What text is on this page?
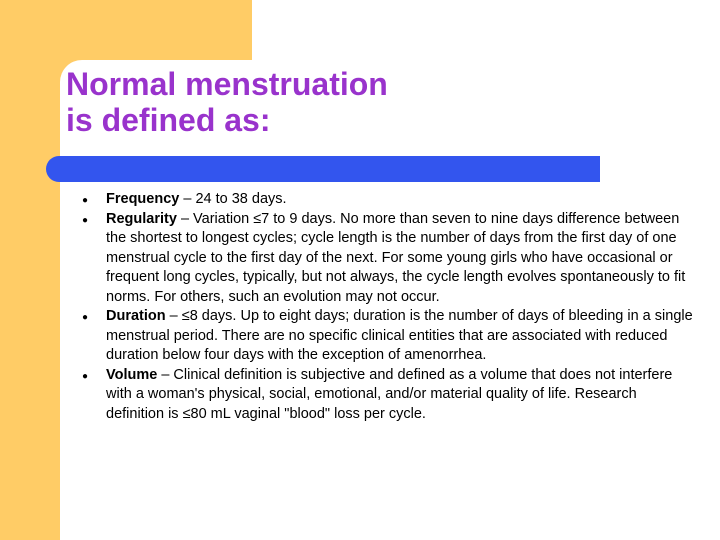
Normal menstruation
is defined as:
● Frequency – 24 to 38 days.
● Regularity – Variation ≤7 to 9 days. No more than seven to nine days difference between the shortest to longest cycles; cycle length is the number of days from the first day of one menstrual cycle to the first day of the next. For some young girls who have occasional or frequent long cycles, typically, but not always, the cycle length evolves spontaneously to fit norms. For others, such an evolution may not occur.
● Duration – ≤8 days. Up to eight days; duration is the number of days of bleeding in a single menstrual period. There are no specific clinical entities that are associated with reduced duration below four days with the exception of amenorrhea.
● Volume – Clinical definition is subjective and defined as a volume that does not interfere with a woman's physical, social, emotional, and/or material quality of life. Research definition is ≤80 mL vaginal "blood" loss per cycle.
